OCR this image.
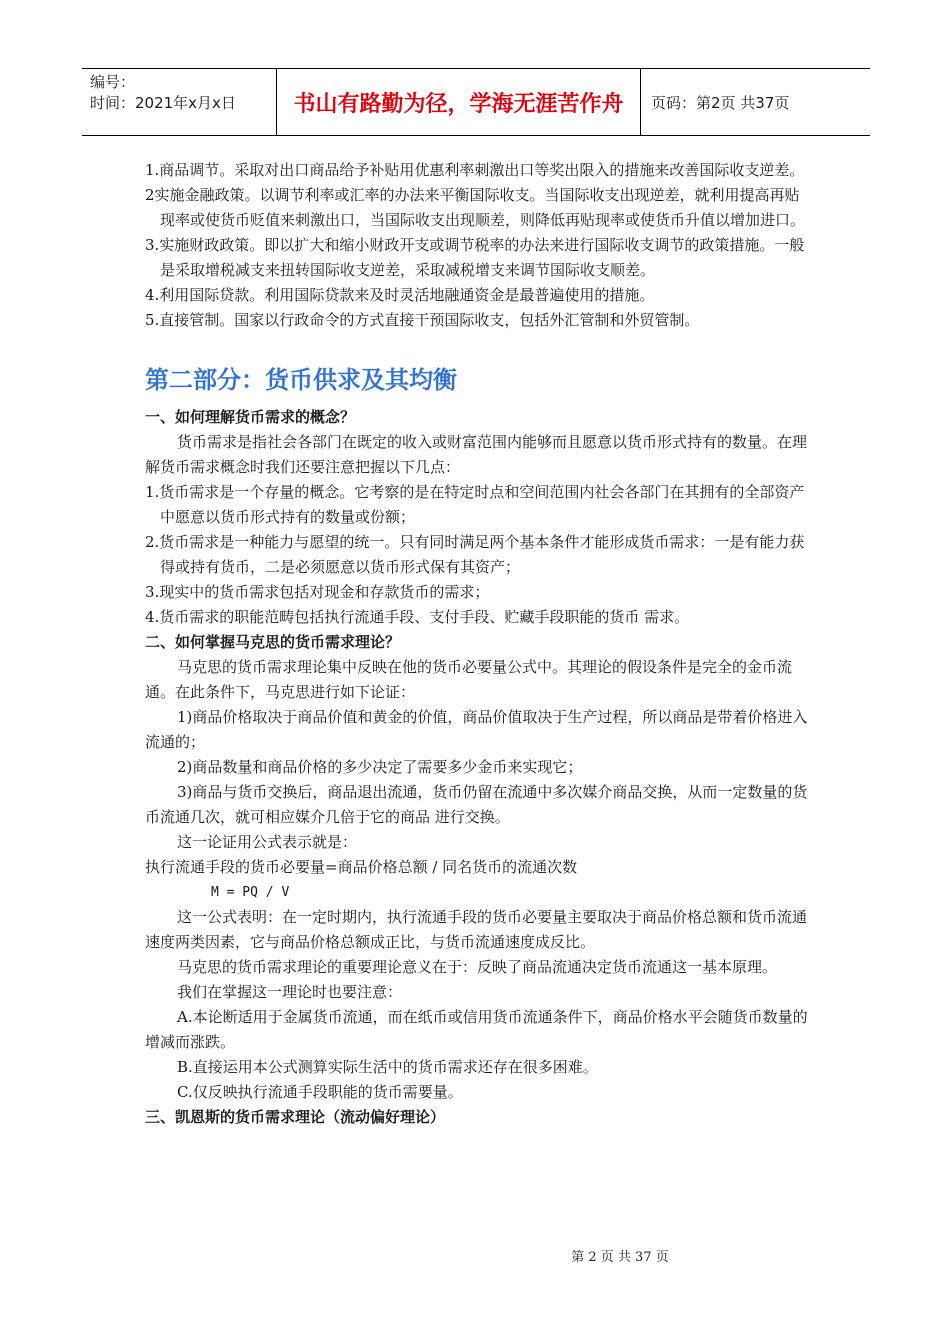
编号：
时间：2021年x月x日	书山有路勤为径，学海无涯苦作舟	页码：第2页 共37页

1.商品调节。采取对出口商品给予补贴用优惠利率刺激出口等奖出限入的措施来改善国际收支逆差。

2实施金融政策。以调节利率或汇率的办法来平衡国际收支。当国际收支出现逆差，就利用提高再贴现率或使货币贬值来刺激出口，当国际收支出现顺差，则降低再贴现率或使货币升值以增加进口。

3.实施财政政策。即以扩大和缩小财政开支或调节税率的办法来进行国际收支调节的政策措施。一般是采取增税减支来扭转国际收支逆差，采取减税增支来调节国际收支顺差。

4.利用国际贷款。利用国际贷款来及时灵活地融通资金是最普遍使用的措施。

5.直接管制。国家以行政命令的方式直接干预国际收支，包括外汇管制和外贸管制。

第二部分：货币供求及其均衡

一、如何理解货币需求的概念？

货币需求是指社会各部门在既定的收入或财富范围内能够而且愿意以货币形式持有的数量。在理解货币需求概念时我们还要注意把握以下几点：

1.货币需求是一个存量的概念。它考察的是在特定时点和空间范围内社会各部门在其拥有的全部资产中愿意以货币形式持有的数量或份额；

2.货币需求是一种能力与愿望的统一。只有同时满足两个基本条件才能形成货币需求：一是有能力获得或持有货币，二是必须愿意以货币形式保有其资产；

3.现实中的货币需求包括对现金和存款货币的需求；

4.货币需求的职能范畴包括执行流通手段、支付手段、贮藏手段职能的货币 需求。

二、如何掌握马克思的货币需求理论？

马克思的货币需求理论集中反映在他的货币必要量公式中。其理论的假设条件是完全的金币流通。在此条件下，马克思进行如下论证：

1)商品价格取决于商品价值和黄金的价值，商品价值取决于生产过程，所以商品是带着价格进入流通的；

2)商品数量和商品价格的多少决定了需要多少金币来实现它；

3)商品与货币交换后，商品退出流通，货币仍留在流通中多次媒介商品交换，从而一定数量的货币流通几次，就可相应媒介几倍于它的商品 进行交换。

这一论证用公式表示就是：

执行流通手段的货币必要量=商品价格总额 / 同名货币的流通次数

M = PQ / V

这一公式表明：在一定时期内，执行流通手段的货币必要量主要取决于商品价格总额和货币流通速度两类因素，它与商品价格总额成正比，与货币流通速度成反比。

马克思的货币需求理论的重要理论意义在于：反映了商品流通决定货币流通这一基本原理。

我们在掌握这一理论时也要注意：

A.本论断适用于金属货币流通，而在纸币或信用货币流通条件下，商品价格水平会随货币数量的增减而涨跌。

B.直接运用本公式测算实际生活中的货币需求还存在很多困难。

C.仅反映执行流通手段职能的货币需要量。

三、凯恩斯的货币需求理论（流动偏好理论）

第 2 页 共 37 页
